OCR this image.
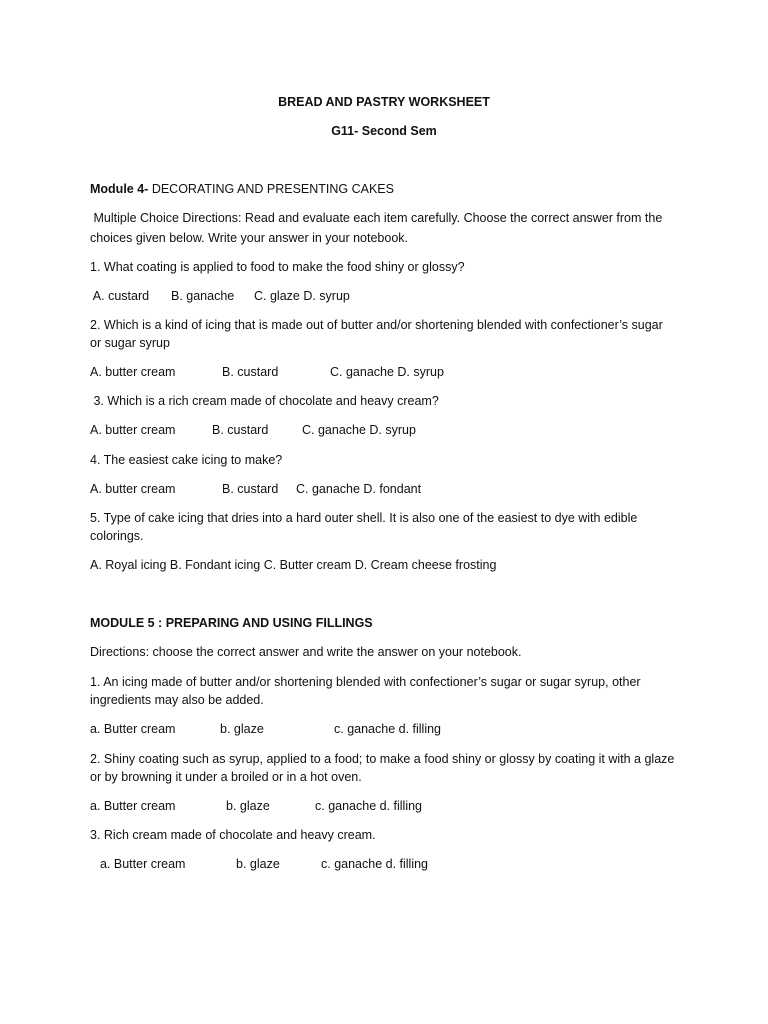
BREAD AND PASTRY WORKSHEET
G11- Second Sem
Module 4- DECORATING AND PRESENTING CAKES
Multiple Choice Directions: Read and evaluate each item carefully. Choose the correct answer from the
choices given below. Write your answer in your notebook.
1. What coating is applied to food to make the food shiny or glossy?
A. custard B. ganache C. glaze D. syrup
2. Which is a kind of icing that is made out of butter and/or shortening blended with confectioner’s sugar
or sugar syrup
A. butter cream	B. custard	C. ganache D. syrup
3. Which is a rich cream made of chocolate and heavy cream?
A. butter cream	B. custard	C. ganache D. syrup
4. The easiest cake icing to make?
A. butter cream	B. custard C. ganache D. fondant
5. Type of cake icing that dries into a hard outer shell. It is also one of the easiest to dye with edible
colorings.
A. Royal icing B. Fondant icing C. Butter cream D. Cream cheese frosting
MODULE 5 : PREPARING AND USING FILLINGS
Directions: choose the correct answer and write the answer on your notebook.
1. An icing made of butter and/or shortening blended with confectioner’s sugar or sugar syrup, other
ingredients may also be added.
a. Butter cream	b. glaze	c. ganache d. filling
2. Shiny coating such as syrup, applied to a food; to make a food shiny or glossy by coating it with a glaze
or by browning it under a broiled or in a hot oven.
a. Butter cream	b. glaze	c. ganache d. filling
3. Rich cream made of chocolate and heavy cream.
a. Butter cream	b. glaze	c. ganache d. filling
